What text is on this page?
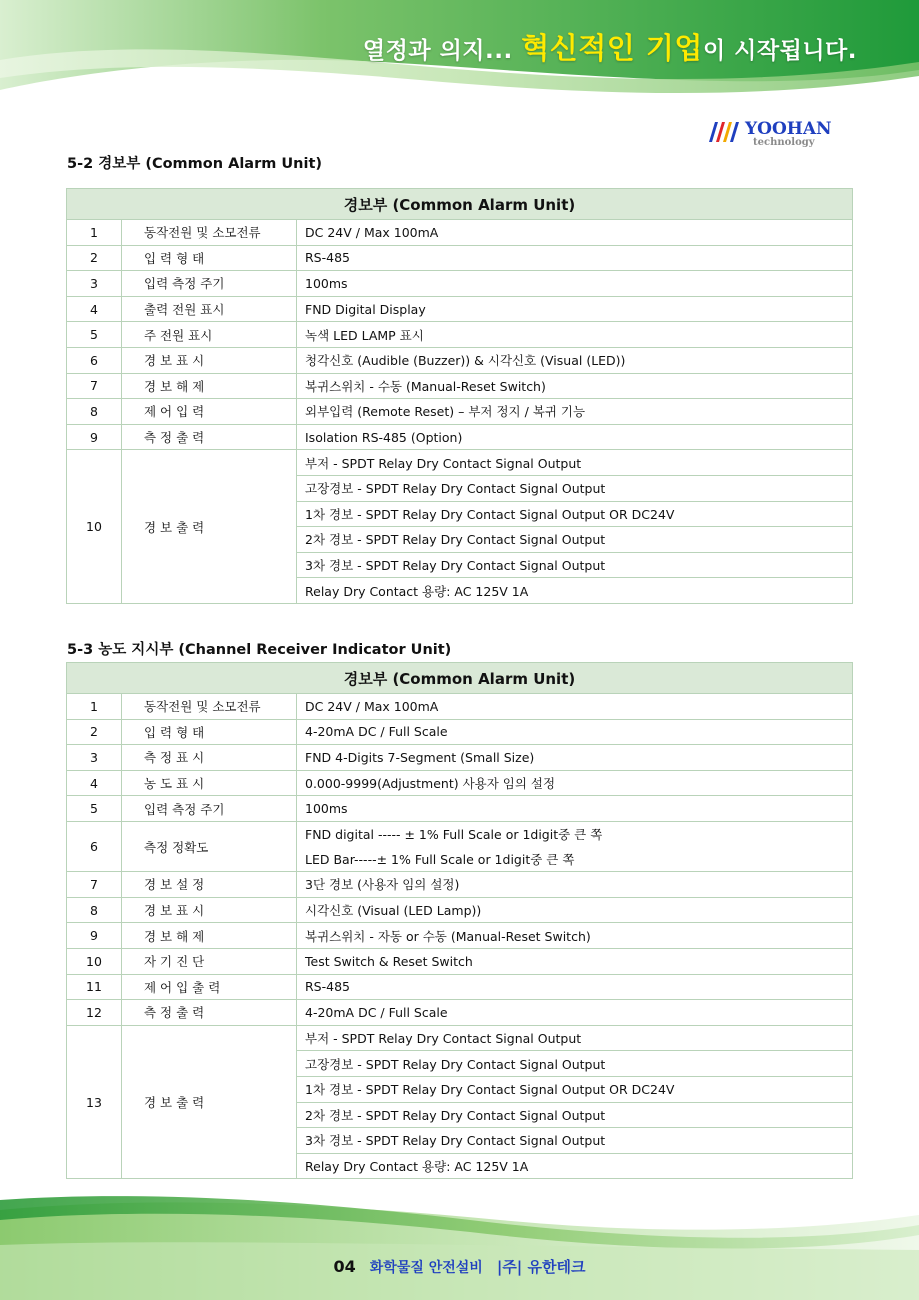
열정과 의지... 혁신적인 기업이 시작됩니다.
YOOHAN
technology
5-2 경보부 (Common Alarm Unit)
경보부 (Common Alarm Unit)		
1	동작전원 및 소모전류	DC 24V / Max 100mA
2	입 력 형 태	RS-485
3	입력 측정 주기	100ms
4	출력 전원 표시	FND Digital Display
5	주 전원 표시	녹색 LED LAMP 표시
6	경 보 표 시	청각신호 (Audible (Buzzer)) & 시각신호 (Visual (LED))
7	경 보 해 제	복귀스위치 - 수동 (Manual-Reset Switch)
8	제 어 입 력	외부입력 (Remote Reset) – 부저 정지 / 복귀 기능
9	측 정 출 력	Isolation RS-485 (Option)
10	경 보 출 력	부저 - SPDT Relay Dry Contact Signal Output
		고장경보 - SPDT Relay Dry Contact Signal Output
		1차 경보 - SPDT Relay Dry Contact Signal Output OR DC24V
		2차 경보 - SPDT Relay Dry Contact Signal Output
		3차 경보 - SPDT Relay Dry Contact Signal Output
		Relay Dry Contact 용량: AC 125V 1A
5-3 농도 지시부 (Channel Receiver Indicator Unit)
경보부 (Common Alarm Unit)		
1	동작전원 및 소모전류	DC 24V / Max 100mA
2	입 력 형 태	4-20mA DC / Full Scale
3	측 정 표 시	FND 4-Digits 7-Segment (Small Size)
4	농 도 표 시	0.000-9999(Adjustment) 사용자 임의 설정
5	입력 측정 주기	100ms
6	측정 정확도	FND digital ----- ± 1% Full Scale or 1digit중 큰 쪽
		LED Bar-----± 1% Full Scale or 1digit중 큰 쪽
7	경 보 설 정	3단 경보 (사용자 임의 설정)
8	경 보 표 시	시각신호 (Visual (LED Lamp))
9	경 보 해 제	복귀스위치 - 자동 or 수동 (Manual-Reset Switch)
10	자 기 진 단	Test Switch & Reset Switch
11	제 어 입 출 력	RS-485
12	측 정 출 력	4-20mA DC / Full Scale
13	경 보 출 력	부저 - SPDT Relay Dry Contact Signal Output
		고장경보 - SPDT Relay Dry Contact Signal Output
		1차 경보 - SPDT Relay Dry Contact Signal Output OR DC24V
		2차 경보 - SPDT Relay Dry Contact Signal Output
		3차 경보 - SPDT Relay Dry Contact Signal Output
		Relay Dry Contact 용량: AC 125V 1A
04 화학물질 안전설비 |주| 유한테크
